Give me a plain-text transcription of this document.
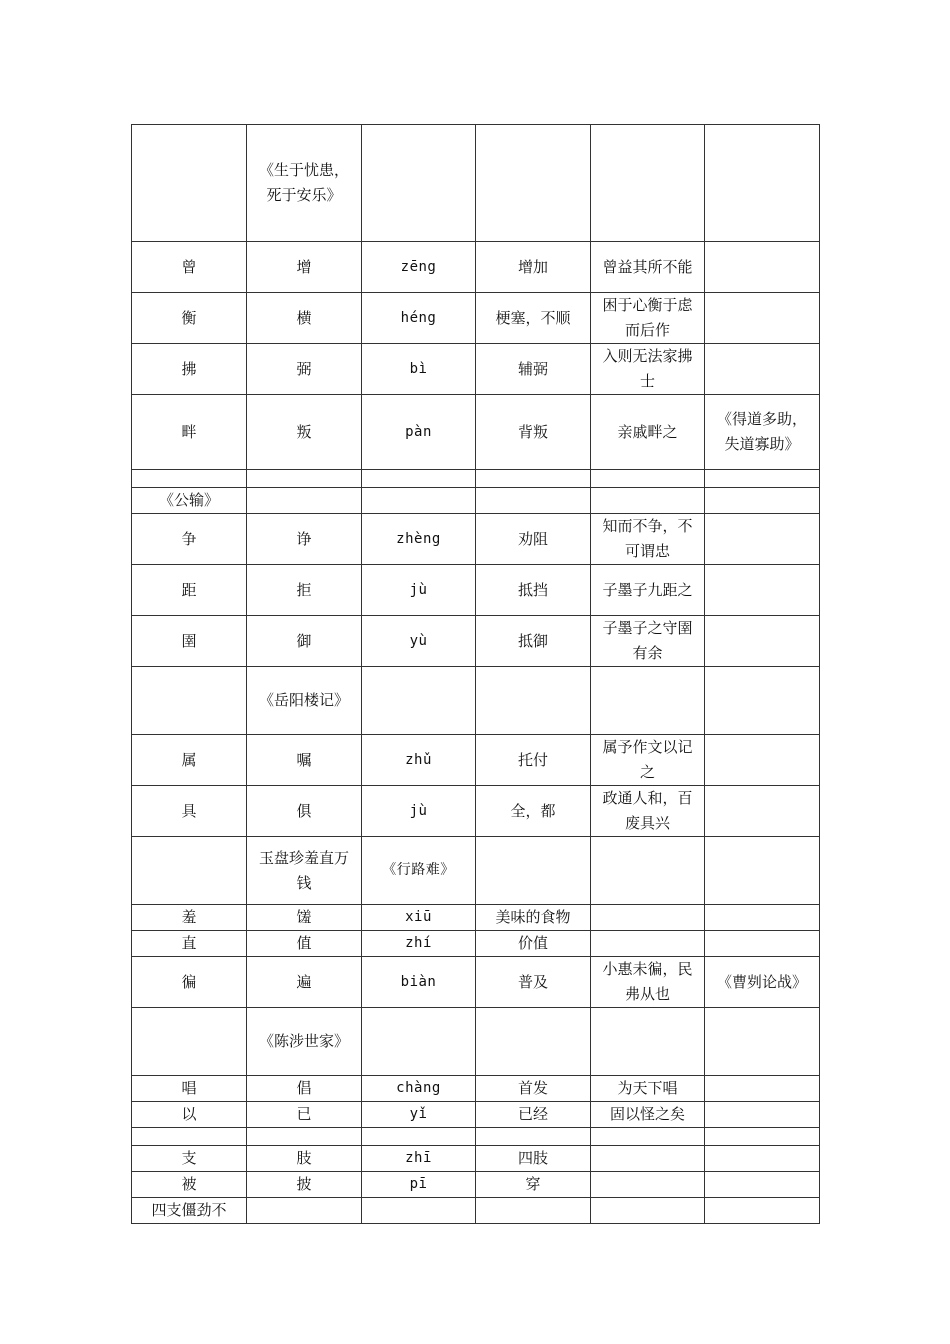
	《生于忧患，死于安乐》				
曾	增	zēng	增加	曾益其所不能	
衡	横	héng	梗塞，不顺	困于心衡于虑而后作	
拂	弼	bì	辅弼	入则无法家拂士	
畔	叛	pàn	背叛	亲戚畔之	《得道多助，失道寡助》

《公输》					
争	诤	zhèng	劝阻	知而不争，不可谓忠	
距	拒	jù	抵挡	子墨子九距之	
圉	御	yù	抵御	子墨子之守圉有余	
	《岳阳楼记》				
属	嘱	zhǔ	托付	属予作文以记之	
具	俱	jù	全，都	政通人和，百废具兴	
	玉盘珍羞直万钱	《行路难》			
羞	馐	xiū	美味的食物		
直	值	zhí	价值		
徧	遍	biàn	普及	小惠未徧，民弗从也	《曹刿论战》
	《陈涉世家》				
唱	倡	chàng	首发	为天下唱	
以	已	yǐ	已经	固以怪之矣	

支	肢	zhī	四肢		
被	披	pī	穿		
四支僵劲不					
